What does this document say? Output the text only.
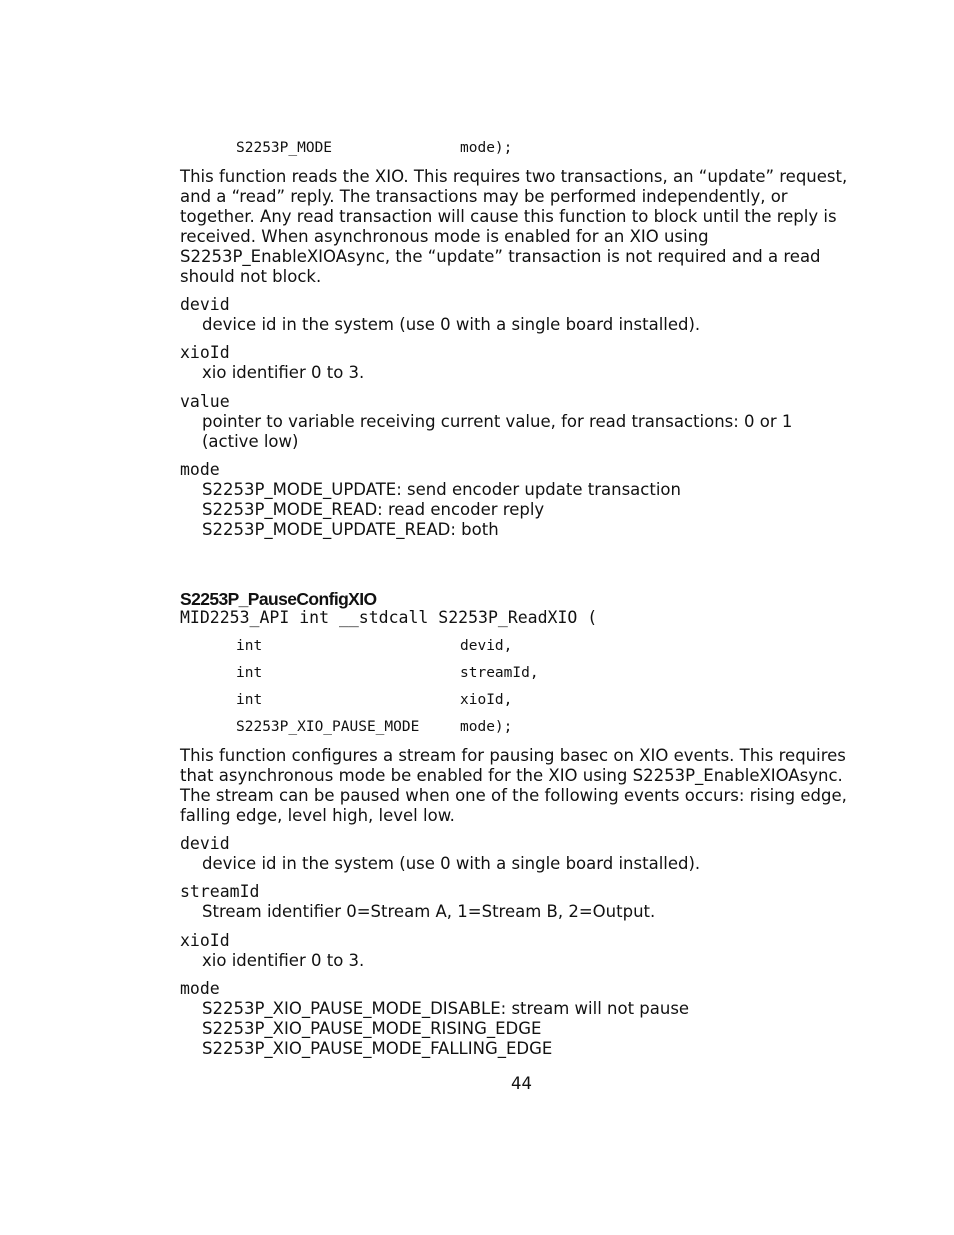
S2253P_MODE	mode);
This function reads the XIO. This requires two transactions, an “update” request, and a “read” reply. The transactions may be performed independently, or together. Any read transaction will cause this function to block until the reply is received. When asynchronous mode is enabled for an XIO using S2253P_EnableXIOAsync, the “update” transaction is not required and a read should not block.
devid
device id in the system (use 0 with a single board installed).
xioId
xio identifier 0 to 3.
value
pointer to variable receiving current value, for read transactions: 0 or 1 (active low)
mode
S2253P_MODE_UPDATE: send encoder update transaction
S2253P_MODE_READ: read encoder reply
S2253P_MODE_UPDATE_READ: both
S2253P_PauseConfigXIO
MID2253_API int __stdcall S2253P_ReadXIO (
int	devid,
int	streamId,
int	xioId,
S2253P_XIO_PAUSE_MODE	mode);
This function configures a stream for pausing basec on XIO events. This requires that asynchronous mode be enabled for the XIO using S2253P_EnableXIOAsync. The stream can be paused when one of the following events occurs: rising edge, falling edge, level high, level low.
devid
device id in the system (use 0 with a single board installed).
streamId
Stream identifier 0=Stream A, 1=Stream B, 2=Output.
xioId
xio identifier 0 to 3.
mode
S2253P_XIO_PAUSE_MODE_DISABLE: stream will not pause
S2253P_XIO_PAUSE_MODE_RISING_EDGE
S2253P_XIO_PAUSE_MODE_FALLING_EDGE
44
